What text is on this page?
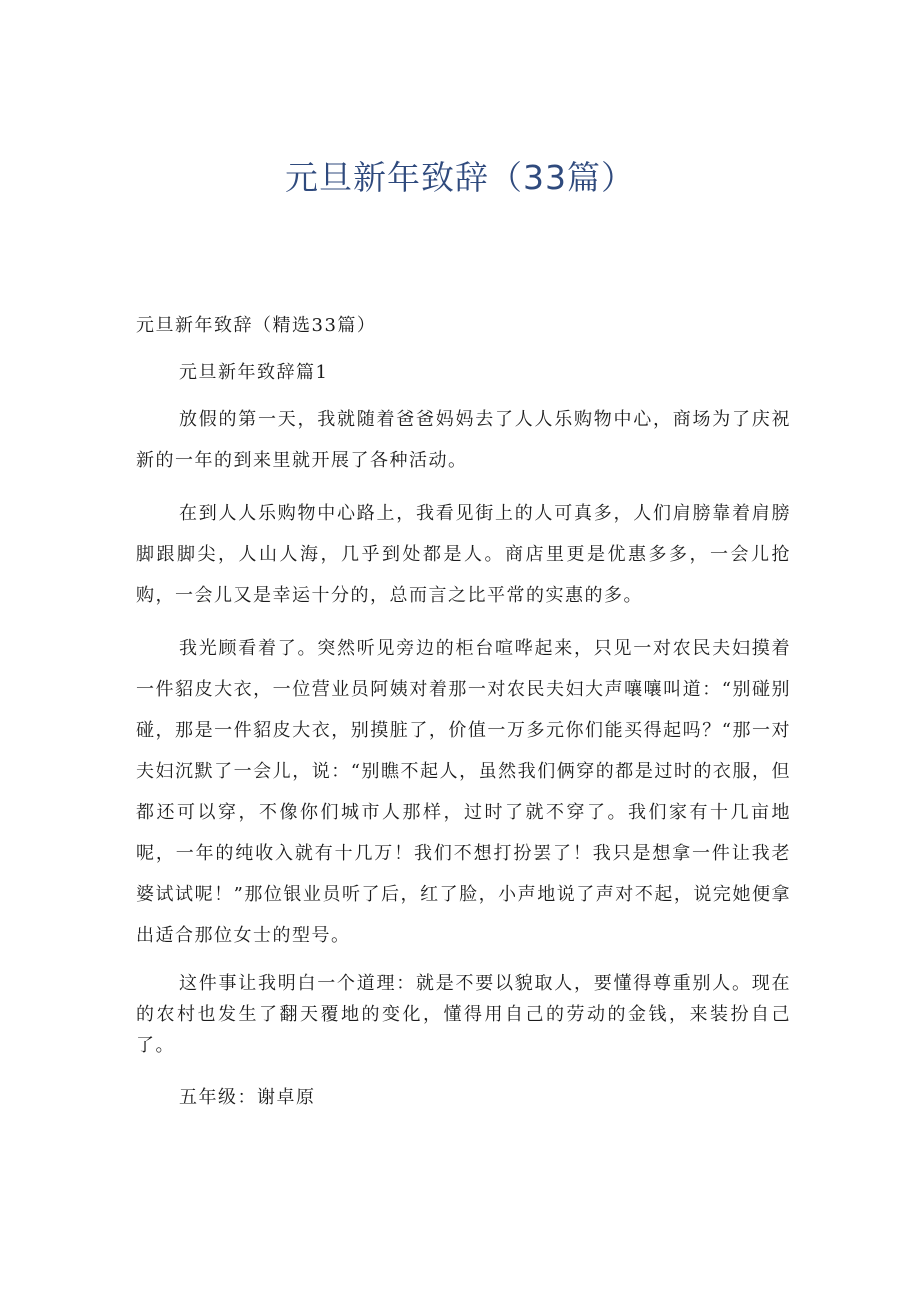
元旦新年致辞（33篇）

元旦新年致辞（精选33篇）

元旦新年致辞篇1

放假的第一天，我就随着爸爸妈妈去了人人乐购物中心，商场为了庆祝新的一年的到来里就开展了各种活动。

在到人人乐购物中心路上，我看见街上的人可真多，人们肩膀靠着肩膀脚跟脚尖，人山人海，几乎到处都是人。商店里更是优惠多多，一会儿抢购，一会儿又是幸运十分的，总而言之比平常的实惠的多。

我光顾看着了。突然听见旁边的柜台喧哗起来，只见一对农民夫妇摸着一件貂皮大衣，一位营业员阿姨对着那一对农民夫妇大声嚷嚷叫道：“别碰别碰，那是一件貂皮大衣，别摸脏了，价值一万多元你们能买得起吗？“那一对夫妇沉默了一会儿，说：“别瞧不起人，虽然我们俩穿的都是过时的衣服，但都还可以穿，不像你们城市人那样，过时了就不穿了。我们家有十几亩地呢，一年的纯收入就有十几万！我们不想打扮罢了！我只是想拿一件让我老婆试试呢！”那位银业员听了后，红了脸，小声地说了声对不起，说完她便拿出适合那位女士的型号。

这件事让我明白一个道理：就是不要以貌取人，要懂得尊重别人。现在的农村也发生了翻天覆地的变化，懂得用自己的劳动的金钱，来装扮自己了。

五年级：谢卓原
